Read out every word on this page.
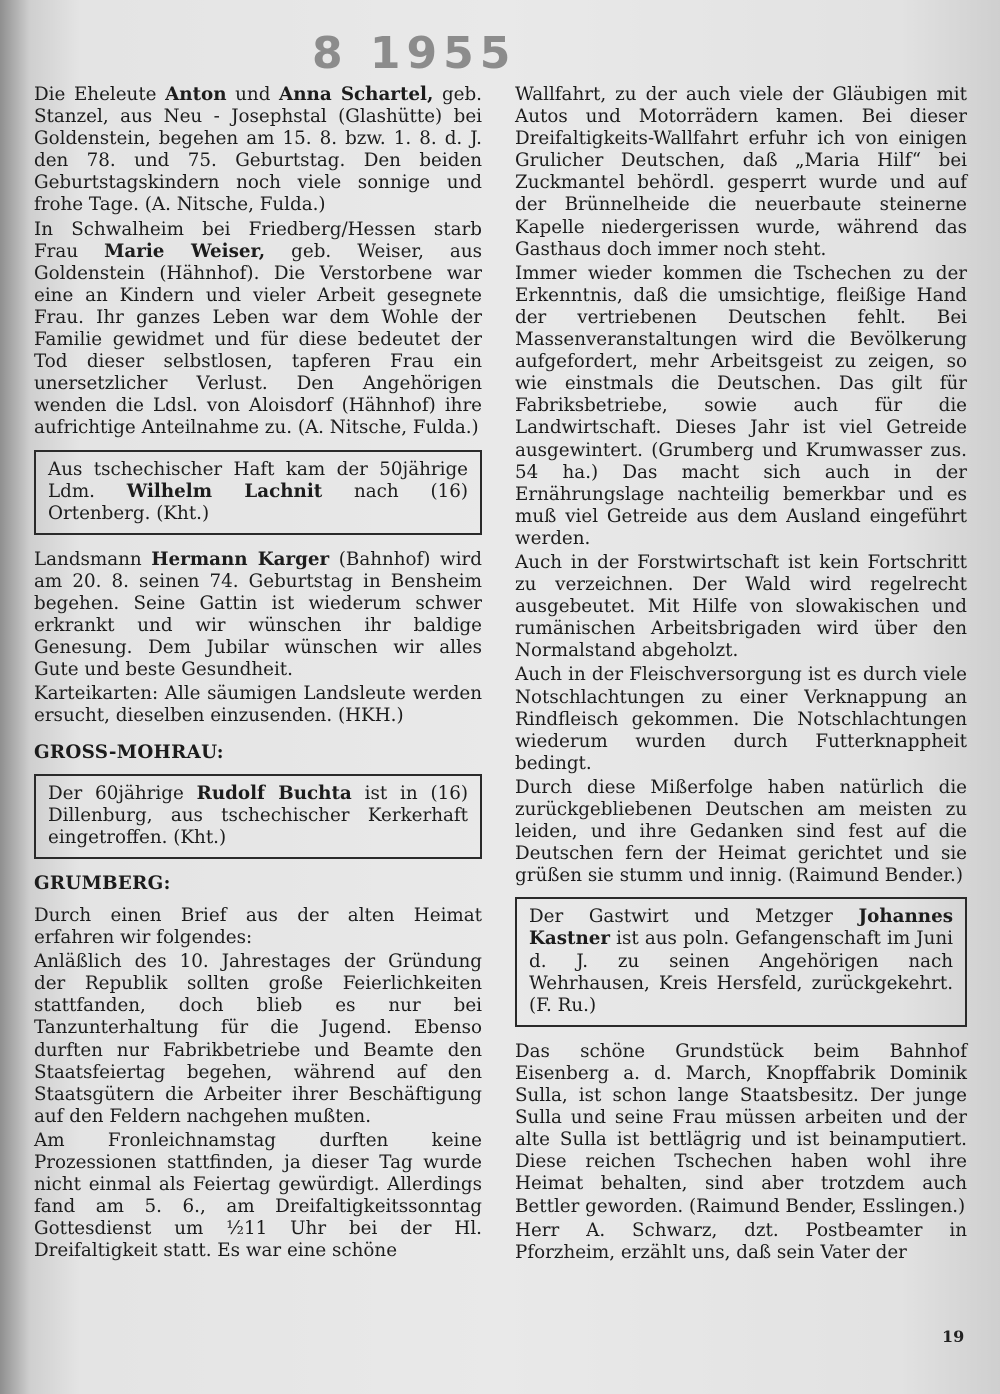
8 1955

Die Eheleute Anton und Anna Schartel, geb. Stanzel, aus Neu - Josephstal (Glashütte) bei Goldenstein, begehen am 15. 8. bzw. 1. 8. d. J. den 78. und 75. Geburtstag. Den beiden Geburtstagskindern noch viele sonnige und frohe Tage. (A. Nitsche, Fulda.)

In Schwalheim bei Friedberg/Hessen starb Frau Marie Weiser, geb. Weiser, aus Goldenstein (Hähnhof). Die Verstorbene war eine an Kindern und vieler Arbeit gesegnete Frau. Ihr ganzes Leben war dem Wohle der Familie gewidmet und für diese bedeutet der Tod dieser selbstlosen, tapferen Frau ein unersetzlicher Verlust. Den Angehörigen wenden die Ldsl. von Aloisdorf (Hähnhof) ihre aufrichtige Anteilnahme zu. (A. Nitsche, Fulda.)

Aus tschechischer Haft kam der 50jährige Ldm. Wilhelm Lachnit nach (16) Ortenberg. (Kht.)

Landsmann Hermann Karger (Bahnhof) wird am 20. 8. seinen 74. Geburtstag in Bensheim begehen. Seine Gattin ist wiederum schwer erkrankt und wir wünschen ihr baldige Genesung. Dem Jubilar wünschen wir alles Gute und beste Gesundheit.

Karteikarten: Alle säumigen Landsleute werden ersucht, dieselben einzusenden. (HKH.)

GROSS-MOHRAU:
Der 60jährige Rudolf Buchta ist in (16) Dillenburg, aus tschechischer Kerkerhaft eingetroffen. (Kht.)
GRUMBERG:

Durch einen Brief aus der alten Heimat erfahren wir folgendes:

Anläßlich des 10. Jahrestages der Gründung der Republik sollten große Feierlichkeiten stattfanden, doch blieb es nur bei Tanzunterhaltung für die Jugend. Ebenso durften nur Fabrikbetriebe und Beamte den Staatsfeiertag begehen, während auf den Staatsgütern die Arbeiter ihrer Beschäftigung auf den Feldern nachgehen mußten.

Am Fronleichnamstag durften keine Prozessionen stattfinden, ja dieser Tag wurde nicht einmal als Feiertag gewürdigt. Allerdings fand am 5. 6., am Dreifaltigkeitssonntag Gottesdienst um ½11 Uhr bei der Hl. Dreifaltigkeit statt. Es war eine schöne

Wallfahrt, zu der auch viele der Gläubigen mit Autos und Motorrädern kamen. Bei dieser Dreifaltigkeits-Wallfahrt erfuhr ich von einigen Grulicher Deutschen, daß „Maria Hilf“ bei Zuckmantel behördl. gesperrt wurde und auf der Brünnelheide die neuerbaute steinerne Kapelle niedergerissen wurde, während das Gasthaus doch immer noch steht.

Immer wieder kommen die Tschechen zu der Erkenntnis, daß die umsichtige, fleißige Hand der vertriebenen Deutschen fehlt. Bei Massenveranstaltungen wird die Bevölkerung aufgefordert, mehr Arbeitsgeist zu zeigen, so wie einstmals die Deutschen. Das gilt für Fabriksbetriebe, sowie auch für die Landwirtschaft. Dieses Jahr ist viel Getreide ausgewintert. (Grumberg und Krumwasser zus. 54 ha.) Das macht sich auch in der Ernährungslage nachteilig bemerkbar und es muß viel Getreide aus dem Ausland eingeführt werden.

Auch in der Forstwirtschaft ist kein Fortschritt zu verzeichnen. Der Wald wird regelrecht ausgebeutet. Mit Hilfe von slowakischen und rumänischen Arbeitsbrigaden wird über den Normalstand abgeholzt.

Auch in der Fleischversorgung ist es durch viele Notschlachtungen zu einer Verknappung an Rindfleisch gekommen. Die Notschlachtungen wiederum wurden durch Futterknappheit bedingt.

Durch diese Mißerfolge haben natürlich die zurückgebliebenen Deutschen am meisten zu leiden, und ihre Gedanken sind fest auf die Deutschen fern der Heimat gerichtet und sie grüßen sie stumm und innig. (Raimund Bender.)

Der Gastwirt und Metzger Johannes Kastner ist aus poln. Gefangenschaft im Juni d. J. zu seinen Angehörigen nach Wehrhausen, Kreis Hersfeld, zurückgekehrt. (F. Ru.)

Das schöne Grundstück beim Bahnhof Eisenberg a. d. March, Knopffabrik Dominik Sulla, ist schon lange Staatsbesitz. Der junge Sulla und seine Frau müssen arbeiten und der alte Sulla ist bettlägrig und ist beinamputiert. Diese reichen Tschechen haben wohl ihre Heimat behalten, sind aber trotzdem auch Bettler geworden. (Raimund Bender, Esslingen.)

Herr A. Schwarz, dzt. Postbeamter in Pforzheim, erzählt uns, daß sein Vater der

19
